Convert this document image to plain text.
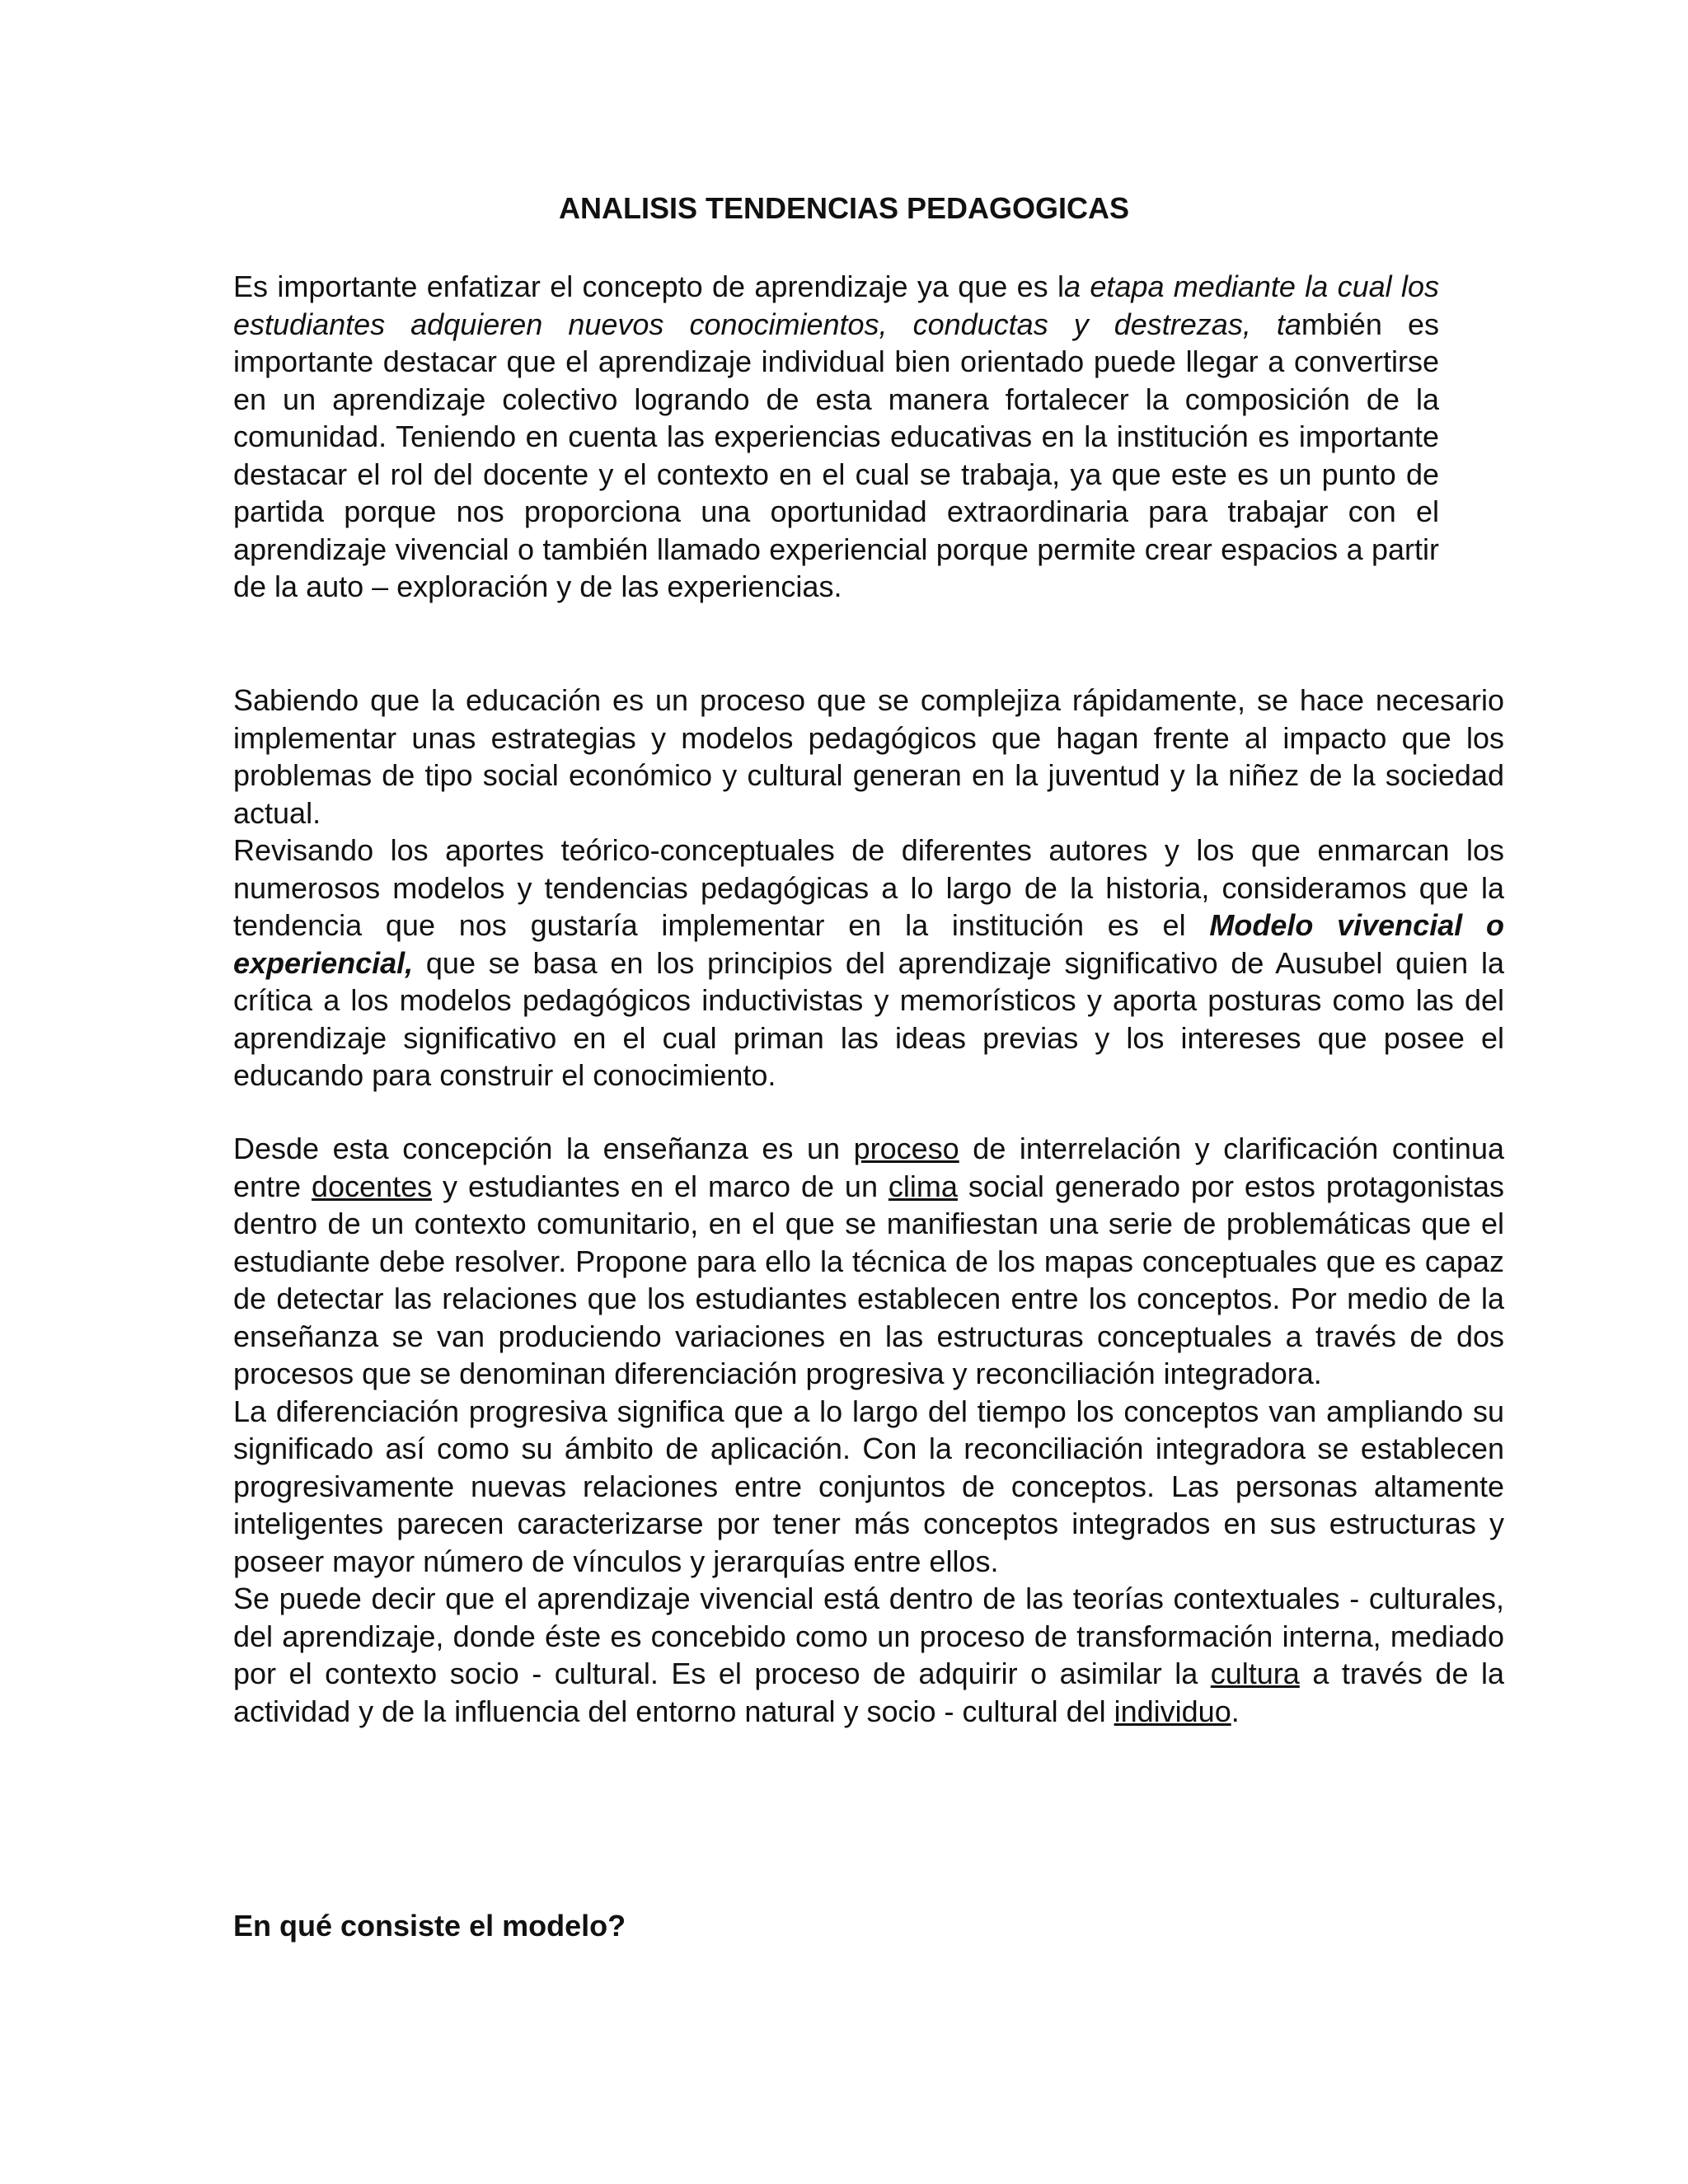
ANALISIS TENDENCIAS PEDAGOGICAS

Es importante enfatizar el concepto de aprendizaje ya que es la etapa mediante la cual los estudiantes adquieren nuevos conocimientos, conductas y destrezas, también es importante destacar que el aprendizaje individual bien orientado puede llegar a convertirse en un aprendizaje colectivo logrando de esta manera fortalecer la composición de la comunidad. Teniendo en cuenta las experiencias educativas en la institución es importante destacar el rol del docente y el contexto en el cual se trabaja, ya que este es un punto de partida porque nos proporciona una oportunidad extraordinaria para trabajar con el aprendizaje vivencial o también llamado experiencial porque permite crear espacios a partir de la auto – exploración y de las experiencias.

Sabiendo que la educación es un proceso que se complejiza rápidamente, se hace necesario implementar unas estrategias y modelos pedagógicos que hagan frente al impacto que los problemas de tipo social económico y cultural generan en la juventud y la niñez de la sociedad actual.

Revisando los aportes teórico-conceptuales de diferentes autores y los que enmarcan los numerosos modelos y tendencias pedagógicas a lo largo de la historia, consideramos que la tendencia que nos gustaría implementar en la institución es el Modelo vivencial o experiencial, que se basa en los principios del aprendizaje significativo de Ausubel quien la crítica a los modelos pedagógicos inductivistas y memorísticos y aporta posturas como las del aprendizaje significativo en el cual priman las ideas previas y los intereses que posee el educando para construir el conocimiento.

Desde esta concepción la enseñanza es un proceso de interrelación y clarificación continua entre docentes y estudiantes en el marco de un clima social generado por estos protagonistas dentro de un contexto comunitario, en el que se manifiestan una serie de problemáticas que el estudiante debe resolver. Propone para ello la técnica de los mapas conceptuales que es capaz de detectar las relaciones que los estudiantes establecen entre los conceptos. Por medio de la enseñanza se van produciendo variaciones en las estructuras conceptuales a través de dos procesos que se denominan diferenciación progresiva y reconciliación integradora.

La diferenciación progresiva significa que a lo largo del tiempo los conceptos van ampliando su significado así como su ámbito de aplicación. Con la reconciliación integradora se establecen progresivamente nuevas relaciones entre conjuntos de conceptos. Las personas altamente inteligentes parecen caracterizarse por tener más conceptos integrados en sus estructuras y poseer mayor número de vínculos y jerarquías entre ellos.

Se puede decir que el aprendizaje vivencial está dentro de las teorías contextuales - culturales, del aprendizaje, donde éste es concebido como un proceso de transformación interna, mediado por el contexto socio - cultural. Es el proceso de adquirir o asimilar la cultura a través de la actividad y de la influencia del entorno natural y socio - cultural del individuo.

En qué consiste el modelo?
